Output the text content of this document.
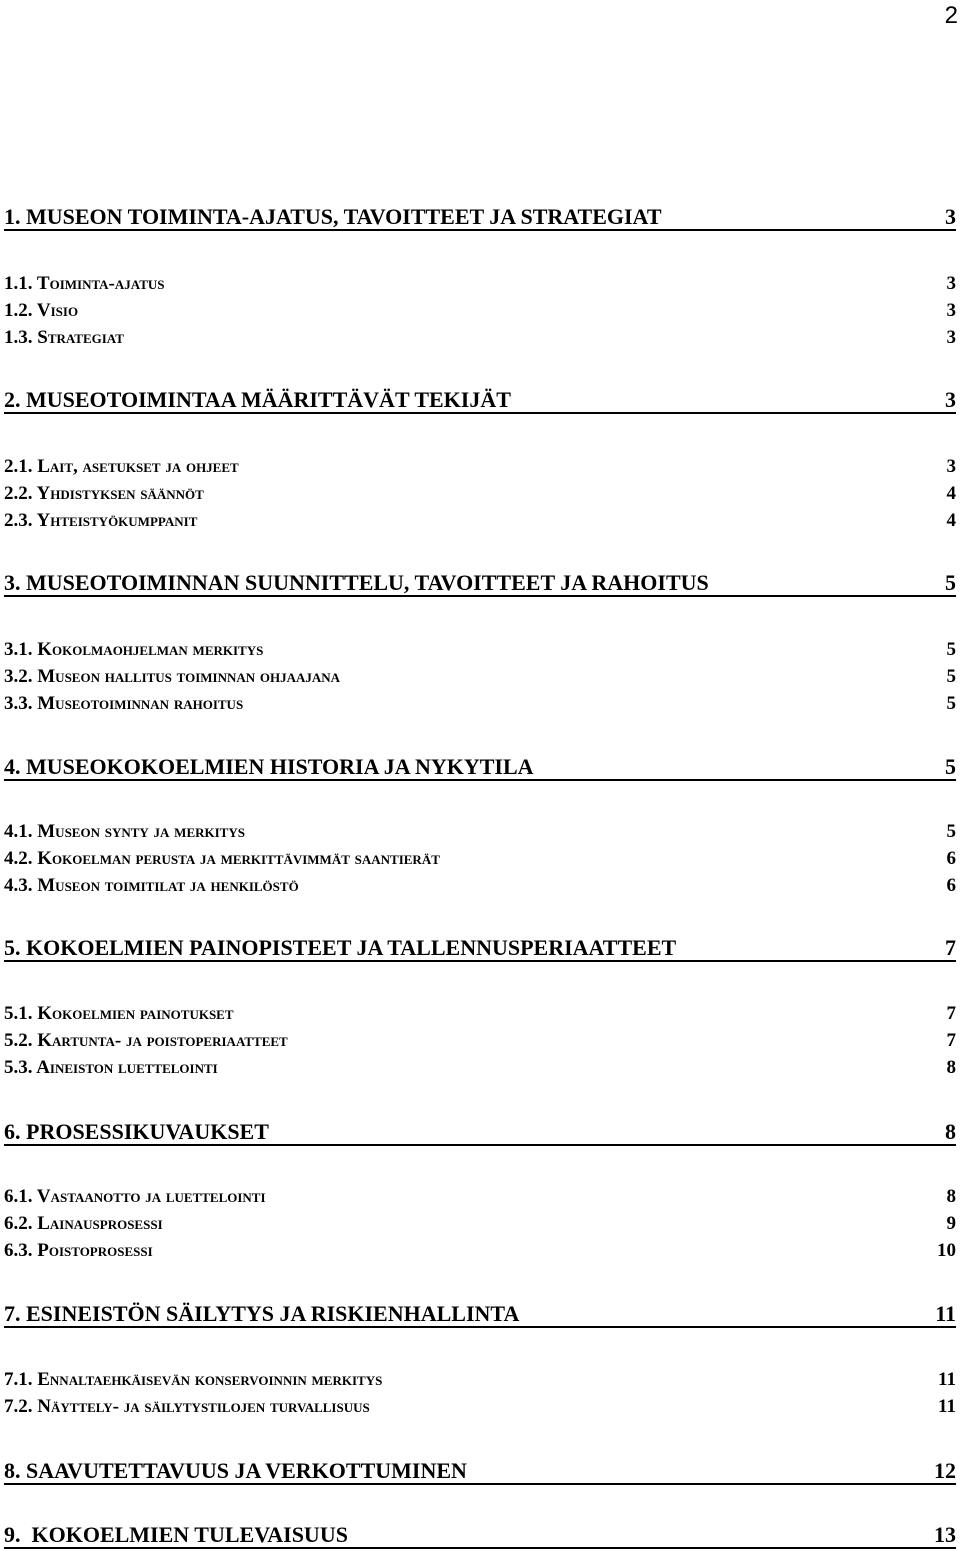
2
1. MUSEON TOIMINTA-AJATUS, TAVOITTEET JA STRATEGIAT	3
1.1. Toiminta-ajatus	3
1.2. Visio	3
1.3. Strategiat	3
2. MUSEOTOIMINTAA MÄÄRITTÄVÄT TEKIJÄT	3
2.1. Lait, asetukset ja ohjeet	3
2.2. Yhdistyksen säännöt	4
2.3. Yhteistyökumppanit	4
3. MUSEOTOIMINNAN SUUNNITTELU, TAVOITTEET JA RAHOITUS	5
3.1. Kokolmaohjelman merkitys	5
3.2. Museon hallitus toiminnan ohjaajana	5
3.3. Museotoiminnan rahoitus	5
4. MUSEOKOKOELMIEN HISTORIA JA NYKYTILA	5
4.1. Museon synty ja merkitys	5
4.2. Kokoelman perusta ja merkittävimmät saantierät	6
4.3. Museon toimitilat ja henkilöstö	6
5. KOKOELMIEN PAINOPISTEET JA TALLENNUSPERIAATTEET	7
5.1. Kokoelmien painotukset	7
5.2. Kartunta- ja poistoperiaatteet	7
5.3. Aineiston luettelointi	8
6. PROSESSIKUVAUKSET	8
6.1. Vastaanotto ja luettelointi	8
6.2. Lainausprosessi	9
6.3. Poistoprosessi	10
7. ESINEISTÖN SÄILYTYS JA RISKIENHALLINTA	11
7.1. Ennaltaehkäisevän konservoinnin merkitys	11
7.2. Näyttely- ja säilytystilojen turvallisuus	11
8. SAAVUTETTAVUUS JA VERKOTTUMINEN	12
9.  KOKOELMIEN TULEVAISUUS	13
